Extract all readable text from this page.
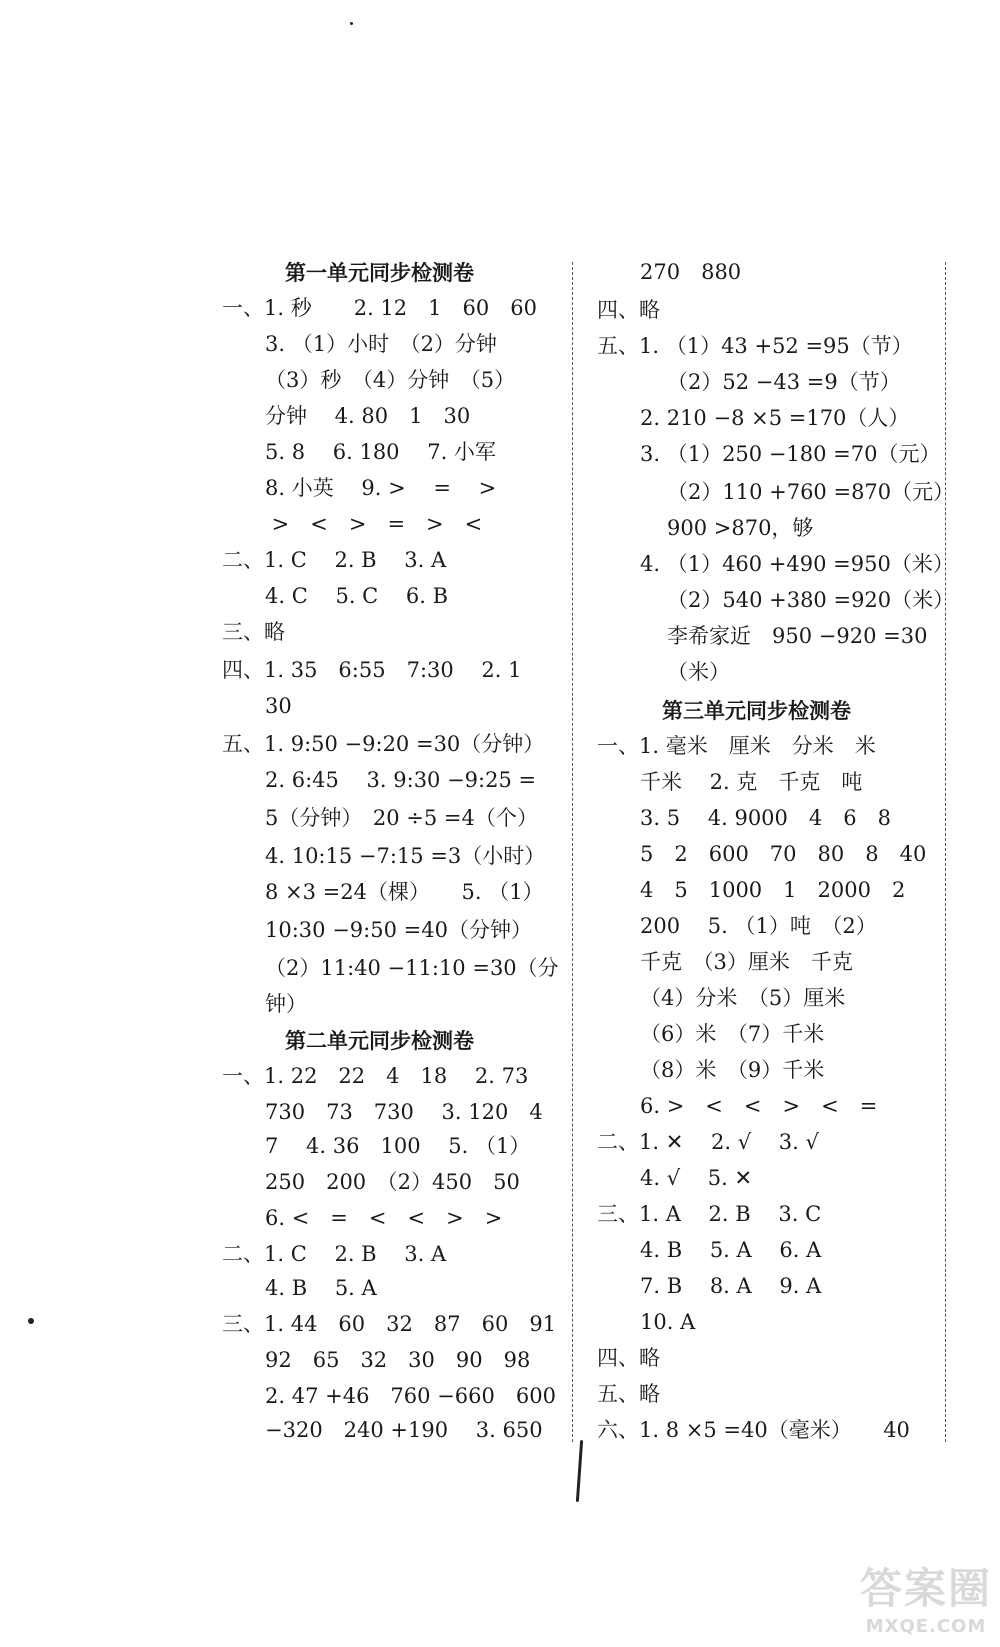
第一单元同步检测卷
一、1. 秒　　2. 12　1　60　60
3. （1）小时　（2）分钟
（3）秒　（4）分钟　（5）
分钟　 4. 80　1　30
5. 8　 6. 180　 7. 小军
8. 小英　 9. >　 =　 >
>　<　>　=　>　<
二、1. C　 2. B　 3. A
4. C　 5. C　 6. B
三、略
四、1. 35　6:55　7:30　 2. 1
30
五、1. 9:50 −9:20 =30（分钟）
2. 6:45　 3. 9:30 −9:25 =
5（分钟）　20 ÷5 =4（个）
4. 10:15 −7:15 =3（小时）
8 ×3 =24（棵）　　5. （1）
10:30 −9:50 =40（分钟）
（2）11:40 −11:10 =30（分
钟）
第二单元同步检测卷
一、1. 22　22　4　18　 2. 73
730　73　730　 3. 120　4
7　 4. 36　100　 5. （1）
250　200　（2）450　50
6. <　=　<　<　>　>
二、1. C　 2. B　 3. A
4. B　 5. A
三、1. 44　60　32　87　60　91
92　65　32　30　90　98
2. 47 +46　760 −660　600
−320　240 +190　 3. 650
270　880
四、略
五、1. （1）43 +52 =95（节）
（2）52 −43 =9（节）
2. 210 −8 ×5 =170（人）
3. （1）250 −180 =70（元）
（2）110 +760 =870（元）
900 >870，够
4. （1）460 +490 =950（米）
（2）540 +380 =920（米）
李希家近　950 −920 =30
（米）
第三单元同步检测卷
一、1. 毫米　厘米　分米　米
千米　 2. 克　千克　吨
3. 5　 4. 9000　4　6　8
5　2　600　70　80　8　40
4　5　1000　1　2000　2
200　 5. （1）吨　（2）
千克　（3）厘米　千克
（4）分米　（5）厘米
（6）米　（7）千米
（8）米　（9）千米
6. >　<　<　>　<　=
二、1. ✕　 2. √　 3. √
4. √　 5. ✕
三、1. A　 2. B　 3. C
4. B　 5. A　 6. A
7. B　 8. A　 9. A
10. A
四、略
五、略
六、1. 8 ×5 =40（毫米）　　40
答案圈
MXQE.COM
